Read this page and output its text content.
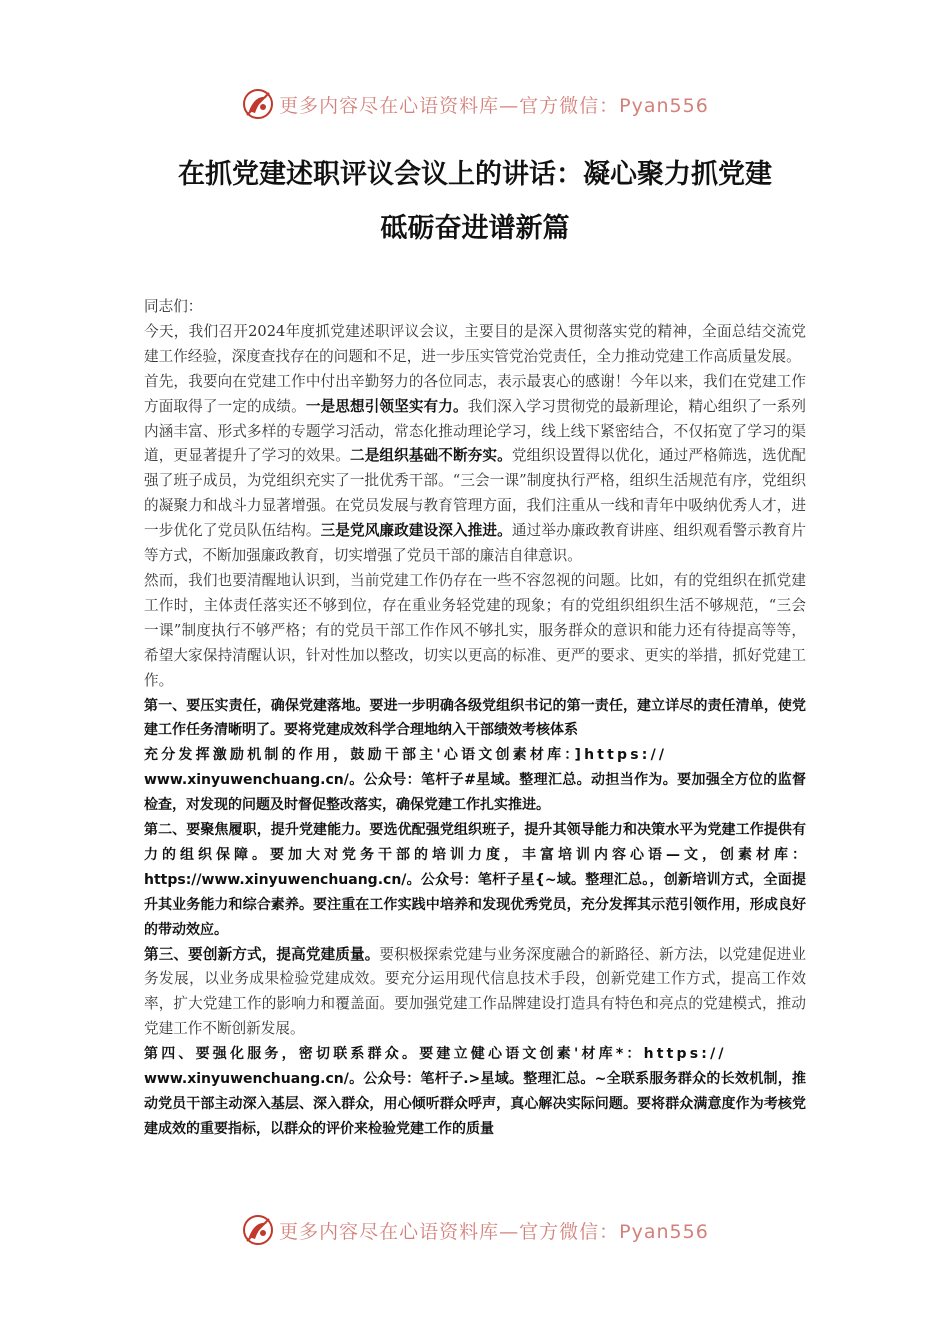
更多内容尽在心语资料库—官方微信：Pyan556
在抓党建述职评议会议上的讲话：凝心聚力抓党建
砥砺奋进谱新篇

同志们：

今天，我们召开2024年度抓党建述职评议会议，主要目的是深入贯彻落实党的精神，全面总结交流党建工作经验，深度查找存在的问题和不足，进一步压实管党治党责任，全力推动党建工作高质量发展。

首先，我要向在党建工作中付出辛勤努力的各位同志，表示最衷心的感谢！今年以来，我们在党建工作方面取得了一定的成绩。一是思想引领坚实有力。我们深入学习贯彻党的最新理论，精心组织了一系列内涵丰富、形式多样的专题学习活动，常态化推动理论学习，线上线下紧密结合，不仅拓宽了学习的渠道，更显著提升了学习的效果。二是组织基础不断夯实。党组织设置得以优化，通过严格筛选，选优配强了班子成员，为党组织充实了一批优秀干部。“三会一课”制度执行严格，组织生活规范有序，党组织的凝聚力和战斗力显著增强。在党员发展与教育管理方面，我们注重从一线和青年中吸纳优秀人才，进一步优化了党员队伍结构。三是党风廉政建设深入推进。通过举办廉政教育讲座、组织观看警示教育片等方式，不断加强廉政教育，切实增强了党员干部的廉洁自律意识。

然而，我们也要清醒地认识到，当前党建工作仍存在一些不容忽视的问题。比如，有的党组织在抓党建工作时，主体责任落实还不够到位，存在重业务轻党建的现象；有的党组织组织生活不够规范，“三会一课”制度执行不够严格；有的党员干部工作作风不够扎实，服务群众的意识和能力还有待提高等等，希望大家保持清醒认识，针对性加以整改，切实以更高的标准、更严的要求、更实的举措，抓好党建工作。

第一、要压实责任，确保党建落地。要进一步明确各级党组织书记的第一责任，建立详尽的责任清单，使党建工作任务清晰明了。要将党建成效科学合理地纳入干部绩效考核体系
充分发挥激励机制的作用，鼓励干部主'心语文创素材库：]https://
www.xinyuwenchuang.cn/。公众号：笔杆子#星域。整理汇总。动担当作为。要加强全方位的监督检查，对发现的问题及时督促整改落实，确保党建工作扎实推进。

第二、要聚焦履职，提升党建能力。要选优配强党组织班子，提升其领导能力和决策水平为党建工作提供有力的组织保障。要加大对党务干部的培训力度，丰富培训内容心语—文，创素材库：https://www.xinyuwenchuang.cn/。公众号：笔杆子星{~域。整理汇总。，创新培训方式，全面提升其业务能力和综合素养。要注重在工作实践中培养和发现优秀党员，充分发挥其示范引领作用，形成良好的带动效应。

第三、要创新方式，提高党建质量。要积极探索党建与业务深度融合的新路径、新方法，以党建促进业务发展，以业务成果检验党建成效。要充分运用现代信息技术手段，创新党建工作方式，提高工作效率，扩大党建工作的影响力和覆盖面。要加强党建工作品牌建设打造具有特色和亮点的党建模式，推动党建工作不断创新发展。

第四、要强化服务，密切联系群众。要建立健心语文创素'材库*：https://
www.xinyuwenchuang.cn/。公众号：笔杆子.>星域。整理汇总。~全联系服务群众的长效机制，推动党员干部主动深入基层、深入群众，用心倾听群众呼声，真心解决实际问题。要将群众满意度作为考核党建成效的重要指标，以群众的评价来检验党建工作的质量

更多内容尽在心语资料库—官方微信：Pyan556
